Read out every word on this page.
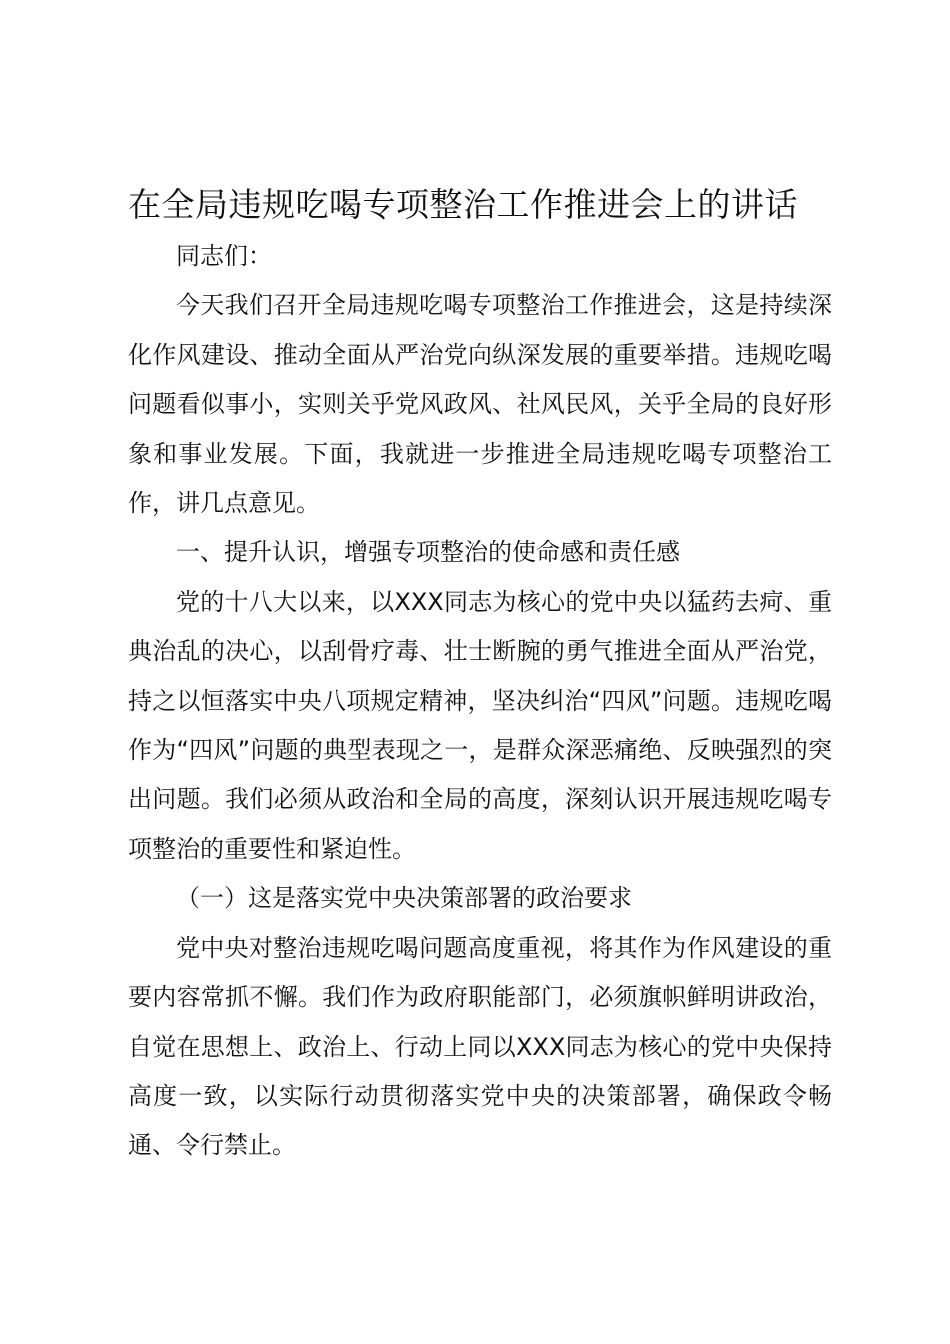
在全局违规吃喝专项整治工作推进会上的讲话

同志们：

今天我们召开全局违规吃喝专项整治工作推进会，这是持续深化作风建设、推动全面从严治党向纵深发展的重要举措。违规吃喝问题看似事小，实则关乎党风政风、社风民风，关乎全局的良好形象和事业发展。下面，我就进一步推进全局违规吃喝专项整治工作，讲几点意见。

一、提升认识，增强专项整治的使命感和责任感

党的十八大以来，以XXX同志为核心的党中央以猛药去疴、重典治乱的决心，以刮骨疗毒、壮士断腕的勇气推进全面从严治党，持之以恒落实中央八项规定精神，坚决纠治“四风”问题。违规吃喝作为“四风”问题的典型表现之一，是群众深恶痛绝、反映强烈的突出问题。我们必须从政治和全局的高度，深刻认识开展违规吃喝专项整治的重要性和紧迫性。

（一）这是落实党中央决策部署的政治要求

党中央对整治违规吃喝问题高度重视，将其作为作风建设的重要内容常抓不懈。我们作为政府职能部门，必须旗帜鲜明讲政治，自觉在思想上、政治上、行动上同以XXX同志为核心的党中央保持高度一致，以实际行动贯彻落实党中央的决策部署，确保政令畅通、令行禁止。
